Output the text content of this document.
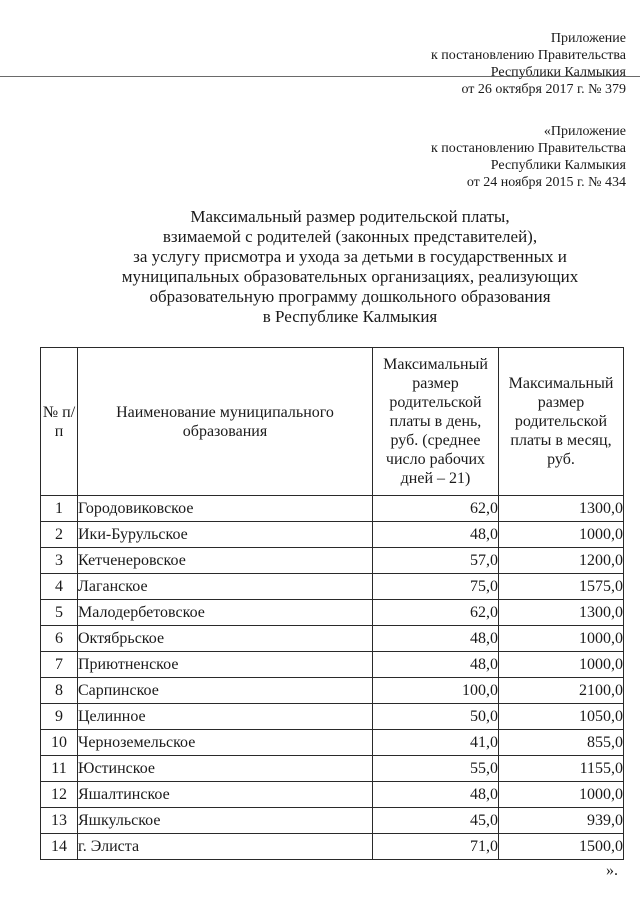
Приложение
к постановлению Правительства
Республики Калмыкия
от 26 октября 2017 г. № 379
«Приложение
к постановлению Правительства
Республики Калмыкия
от 24 ноября 2015 г. № 434
Максимальный размер родительской платы,
взимаемой с родителей (законных представителей),
за услугу присмотра и ухода за детьми в государственных и
муниципальных образовательных организациях, реализующих
образовательную программу дошкольного образования
в Республике Калмыкия
№ п/п	Наименование муниципального образования	Максимальный размер родительской платы в день, руб. (среднее число рабочих дней – 21)	Максимальный размер родительской платы в месяц, руб.
1	Городовиковское	62,0	1300,0
2	Ики-Бурульское	48,0	1000,0
3	Кетченеровское	57,0	1200,0
4	Лаганское	75,0	1575,0
5	Малодербетовское	62,0	1300,0
6	Октябрьское	48,0	1000,0
7	Приютненское	48,0	1000,0
8	Сарпинское	100,0	2100,0
9	Целинное	50,0	1050,0
10	Черноземельское	41,0	855,0
11	Юстинское	55,0	1155,0
12	Яшалтинское	48,0	1000,0
13	Яшкульское	45,0	939,0
14	г. Элиста	71,0	1500,0
».
